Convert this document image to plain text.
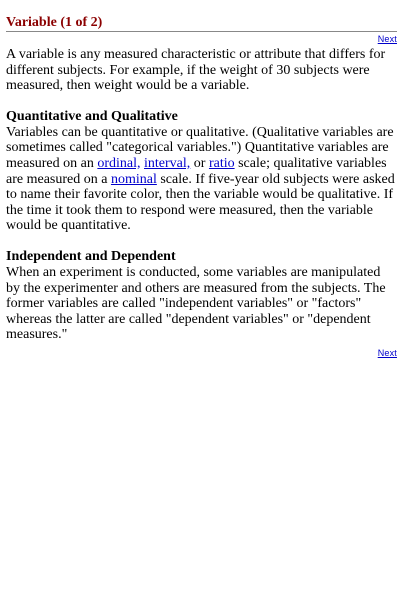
Variable (1 of 2)
Next

A variable is any measured characteristic or attribute that differs for different subjects. For example, if the weight of 30 subjects were measured, then weight would be a variable.

Quantitative and Qualitative

Variables can be quantitative or qualitative. (Qualitative variables are sometimes called "categorical variables.") Quantitative variables are measured on an ordinal, interval, or ratio scale; qualitative variables are measured on a nominal scale. If five-year old subjects were asked to name their favorite color, then the variable would be qualitative. If the time it took them to respond were measured, then the variable would be quantitative.

Independent and Dependent

When an experiment is conducted, some variables are manipulated by the experimenter and others are measured from the subjects. The former variables are called "independent variables" or "factors" whereas the latter are called "dependent variables" or "dependent measures."

Next
